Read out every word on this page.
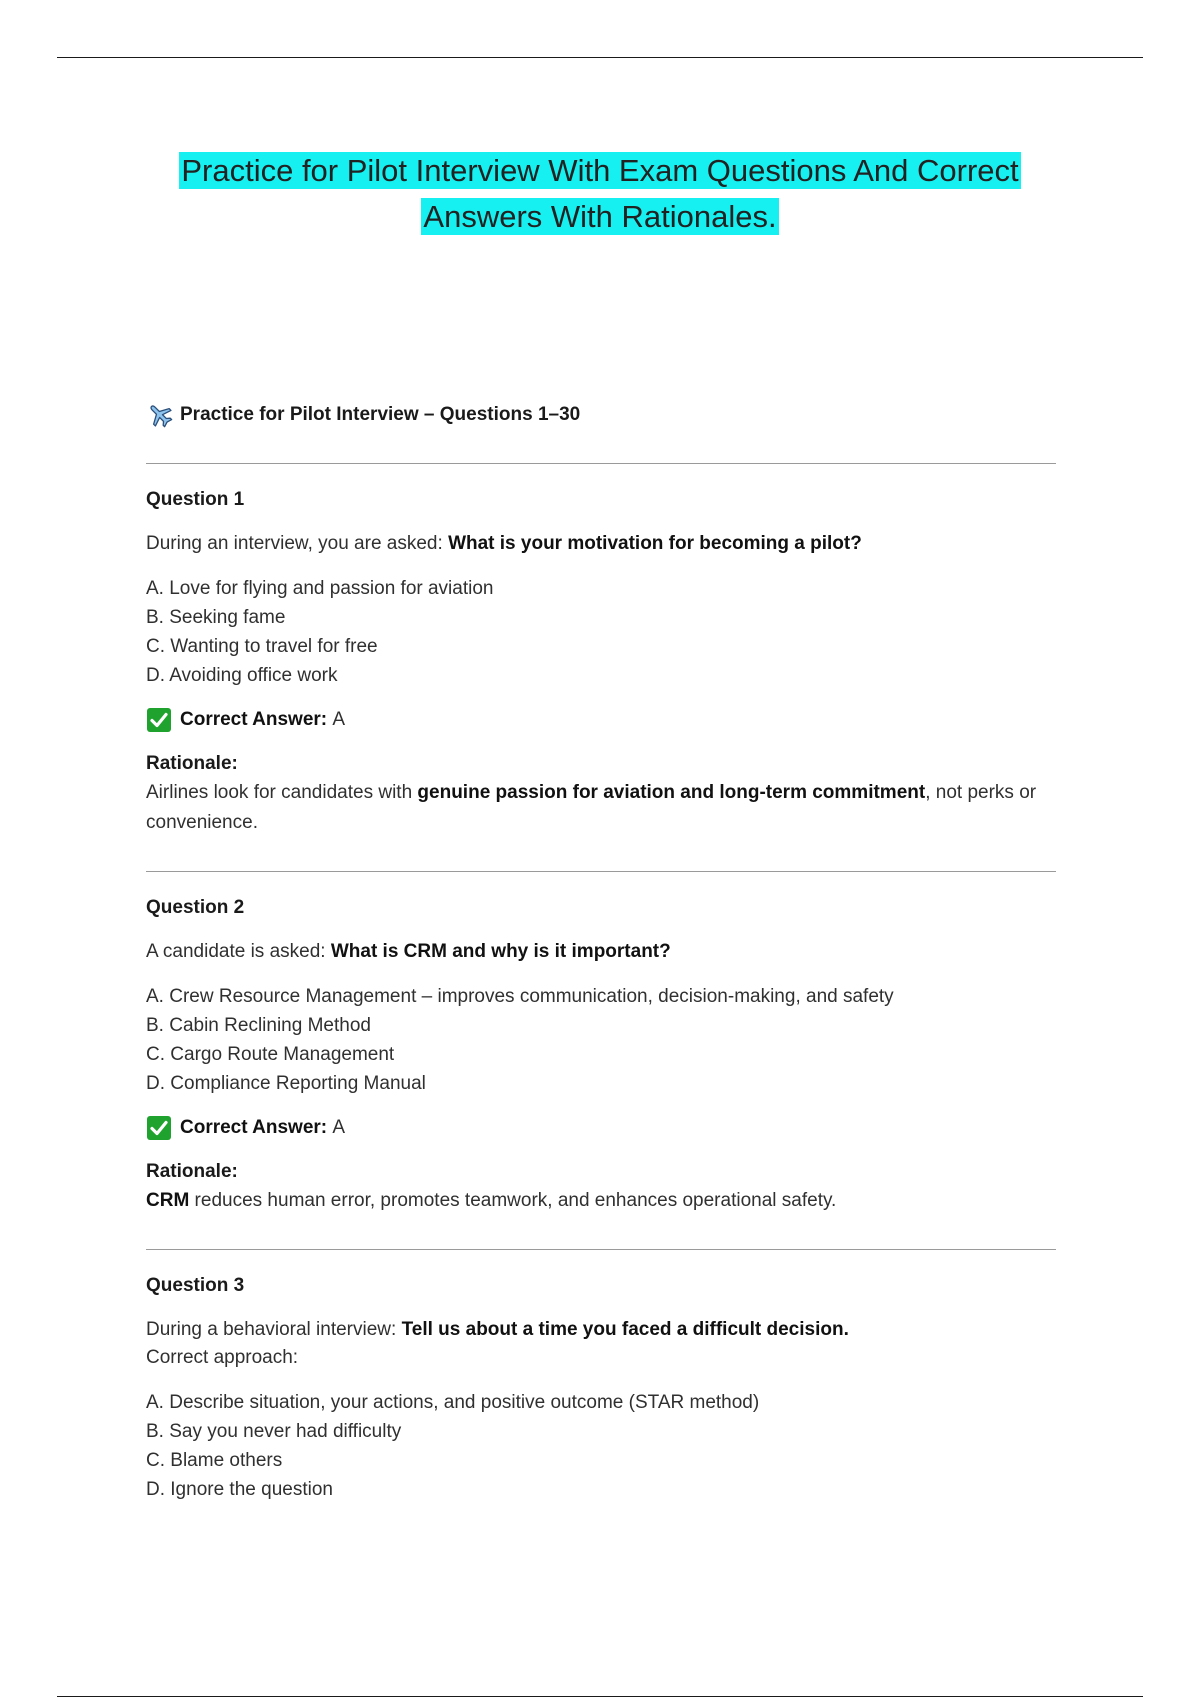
Practice for Pilot Interview With Exam Questions And Correct
Answers With Rationales.
Practice for Pilot Interview – Questions 1–30
Question 1
During an interview, you are asked: What is your motivation for becoming a pilot?
A. Love for flying and passion for aviation
B. Seeking fame
C. Wanting to travel for free
D. Avoiding office work
Correct Answer:
A
Rationale:
Airlines look for candidates with genuine passion for aviation and long-term commitment, not perks or convenience.
Question 2
A candidate is asked: What is CRM and why is it important?
A. Crew Resource Management – improves communication, decision-making, and safety
B. Cabin Reclining Method
C. Cargo Route Management
D. Compliance Reporting Manual
Correct Answer:
A
Rationale:
CRM reduces human error, promotes teamwork, and enhances operational safety.
Question 3
During a behavioral interview: Tell us about a time you faced a difficult decision.
Correct approach:
A. Describe situation, your actions, and positive outcome (STAR method)
B. Say you never had difficulty
C. Blame others
D. Ignore the question
